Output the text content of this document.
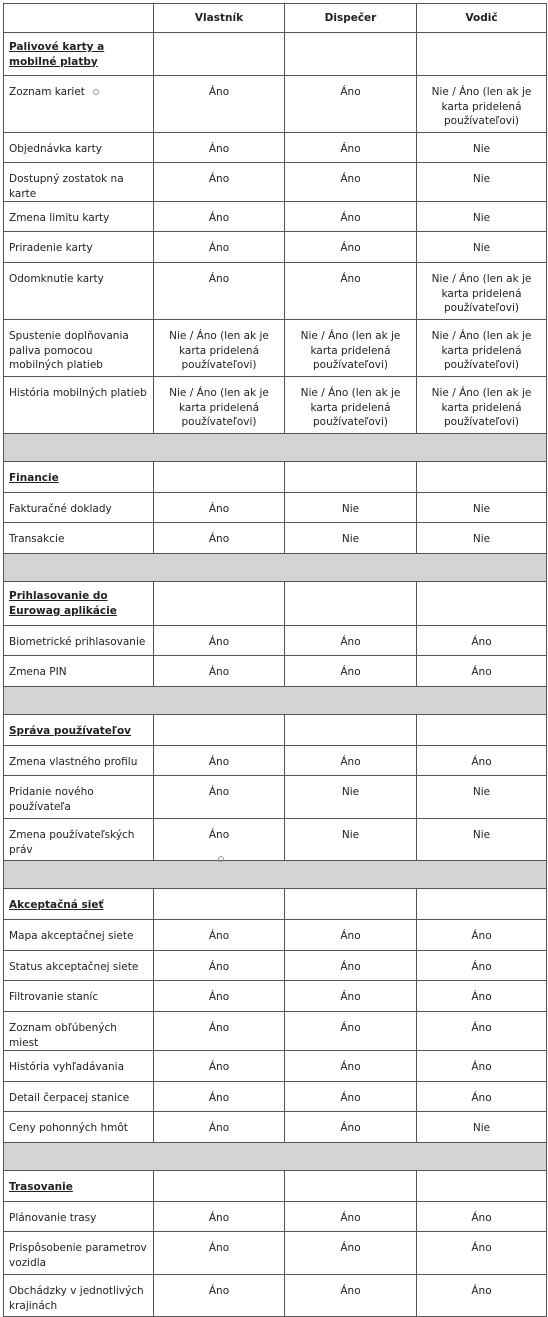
	Vlastník	Dispečer	Vodič
Palivové karty a mobilné platby			
Zoznam kariet	Áno	Áno	Nie / Áno (len ak je karta pridelená používateľovi)
Objednávka karty	Áno	Áno	Nie
Dostupný zostatok na karte	Áno	Áno	Nie
Zmena limitu karty	Áno	Áno	Nie
Priradenie karty	Áno	Áno	Nie
Odomknutie karty	Áno	Áno	Nie / Áno (len ak je karta pridelená používateľovi)
Spustenie doplňovania paliva pomocou mobilných platieb	Nie / Áno (len ak je karta pridelená používateľovi)	Nie / Áno (len ak je karta pridelená používateľovi)	Nie / Áno (len ak je karta pridelená používateľovi)
História mobilných platieb	Nie / Áno (len ak je karta pridelená používateľovi)	Nie / Áno (len ak je karta pridelená používateľovi)	Nie / Áno (len ak je karta pridelená používateľovi)

Financie			
Fakturačné doklady	Áno	Nie	Nie
Transakcie	Áno	Nie	Nie

Prihlasovanie do Eurowag aplikácie			
Biometrické prihlasovanie	Áno	Áno	Áno
Zmena PIN	Áno	Áno	Áno

Správa používateľov			
Zmena vlastného profilu	Áno	Áno	Áno
Pridanie nového používateľa	Áno	Nie	Nie
Zmena používateľských práv	Áno	Nie	Nie

Akceptačná sieť			
Mapa akceptačnej siete	Áno	Áno	Áno
Status akceptačnej siete	Áno	Áno	Áno
Filtrovanie staníc	Áno	Áno	Áno
Zoznam obľúbených miest	Áno	Áno	Áno
História vyhľadávania	Áno	Áno	Áno
Detail čerpacej stanice	Áno	Áno	Áno
Ceny pohonných hmôt	Áno	Áno	Nie

Trasovanie			
Plánovanie trasy	Áno	Áno	Áno
Prispôsobenie parametrov vozidla	Áno	Áno	Áno
Obchádzky v jednotlivých krajinách	Áno	Áno	Áno
